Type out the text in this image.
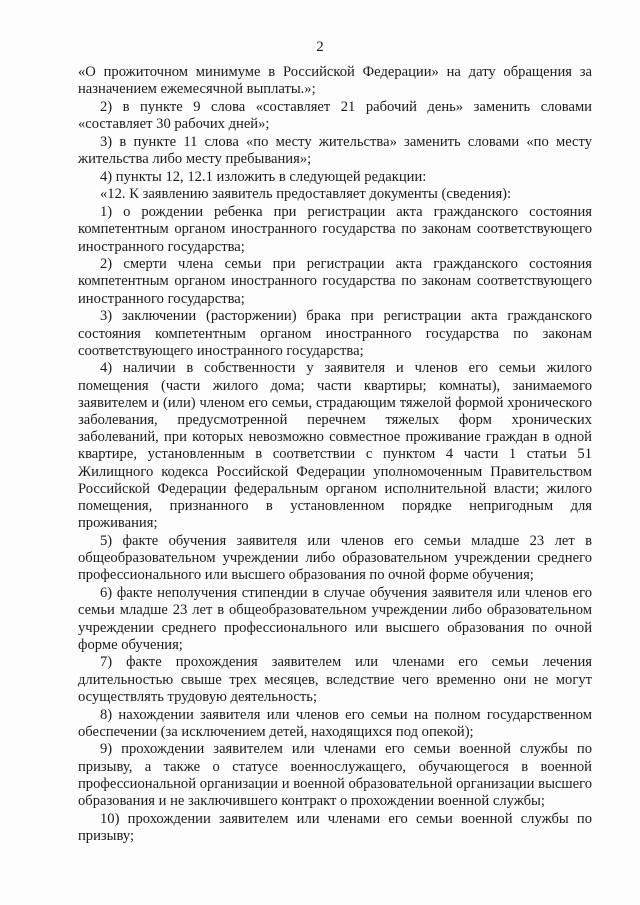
2

«О прожиточном минимуме в Российской Федерации» на дату обращения за назначением ежемесячной выплаты.»;

2) в пункте 9 слова «составляет 21 рабочий день» заменить словами «составляет 30 рабочих дней»;

3) в пункте 11 слова «по месту жительства» заменить словами «по месту жительства либо месту пребывания»;

4) пункты 12, 12.1 изложить в следующей редакции:

«12. К заявлению заявитель предоставляет документы (сведения):

1) о рождении ребенка при регистрации акта гражданского состояния компетентным органом иностранного государства по законам соответствующего иностранного государства;

2) смерти члена семьи при регистрации акта гражданского состояния компетентным органом иностранного государства по законам соответствующего иностранного государства;

3) заключении (расторжении) брака при регистрации акта гражданского состояния компетентным органом иностранного государства по законам соответствующего иностранного государства;

4) наличии в собственности у заявителя и членов его семьи жилого помещения (части жилого дома; части квартиры; комнаты), занимаемого заявителем и (или) членом его семьи, страдающим тяжелой формой хронического заболевания, предусмотренной перечнем тяжелых форм хронических заболеваний, при которых невозможно совместное проживание граждан в одной квартире, установленным в соответствии с пунктом 4 части 1 статьи 51 Жилищного кодекса Российской Федерации уполномоченным Правительством Российской Федерации федеральным органом исполнительной власти; жилого помещения, признанного в установленном порядке непригодным для проживания;

5) факте обучения заявителя или членов его семьи младше 23 лет в общеобразовательном учреждении либо образовательном учреждении среднего профессионального или высшего образования по очной форме обучения;

6) факте неполучения стипендии в случае обучения заявителя или членов его семьи младше 23 лет в общеобразовательном учреждении либо образовательном учреждении среднего профессионального или высшего образования по очной форме обучения;

7) факте прохождения заявителем или членами его семьи лечения длительностью свыше трех месяцев, вследствие чего временно они не могут осуществлять трудовую деятельность;

8) нахождении заявителя или членов его семьи на полном государственном обеспечении (за исключением детей, находящихся под опекой);

9) прохождении заявителем или членами его семьи военной службы по призыву, а также о статусе военнослужащего, обучающегося в военной профессиональной организации и военной образовательной организации высшего образования и не заключившего контракт о прохождении военной службы;

10) прохождении заявителем или членами его семьи военной службы по призыву;
